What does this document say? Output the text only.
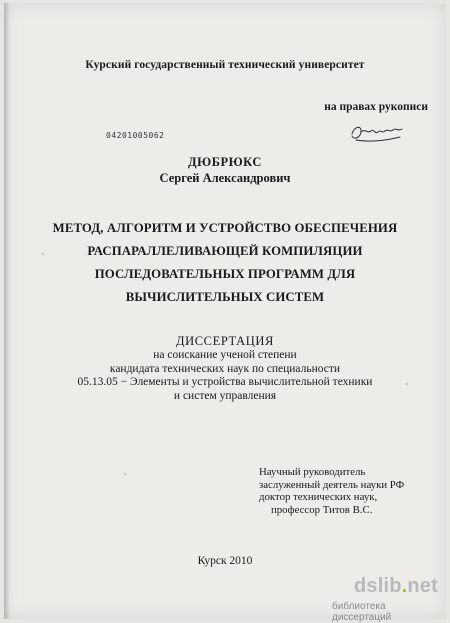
Курский государственный технический университет
на правах рукописи
04201005062
ДЮБРЮКС
Сергей Александрович
МЕТОД, АЛГОРИТМ И УСТРОЙСТВО ОБЕСПЕЧЕНИЯ
РАСПАРАЛЛЕЛИВАЮЩЕЙ КОМПИЛЯЦИИ
ПОСЛЕДОВАТЕЛЬНЫХ ПРОГРАММ ДЛЯ
ВЫЧИСЛИТЕЛЬНЫХ СИСТЕМ
ДИССЕРТАЦИЯ
на соискание ученой степени
кандидата технических наук по специальности
05.13.05 − Элементы и устройства вычислительной техники
и систем управления
Научный руководитель
заслуженный деятель науки РФ
доктор технических наук,
профессор Титов В.С.
Курск 2010
dslib.net
библиотека диссертаций
